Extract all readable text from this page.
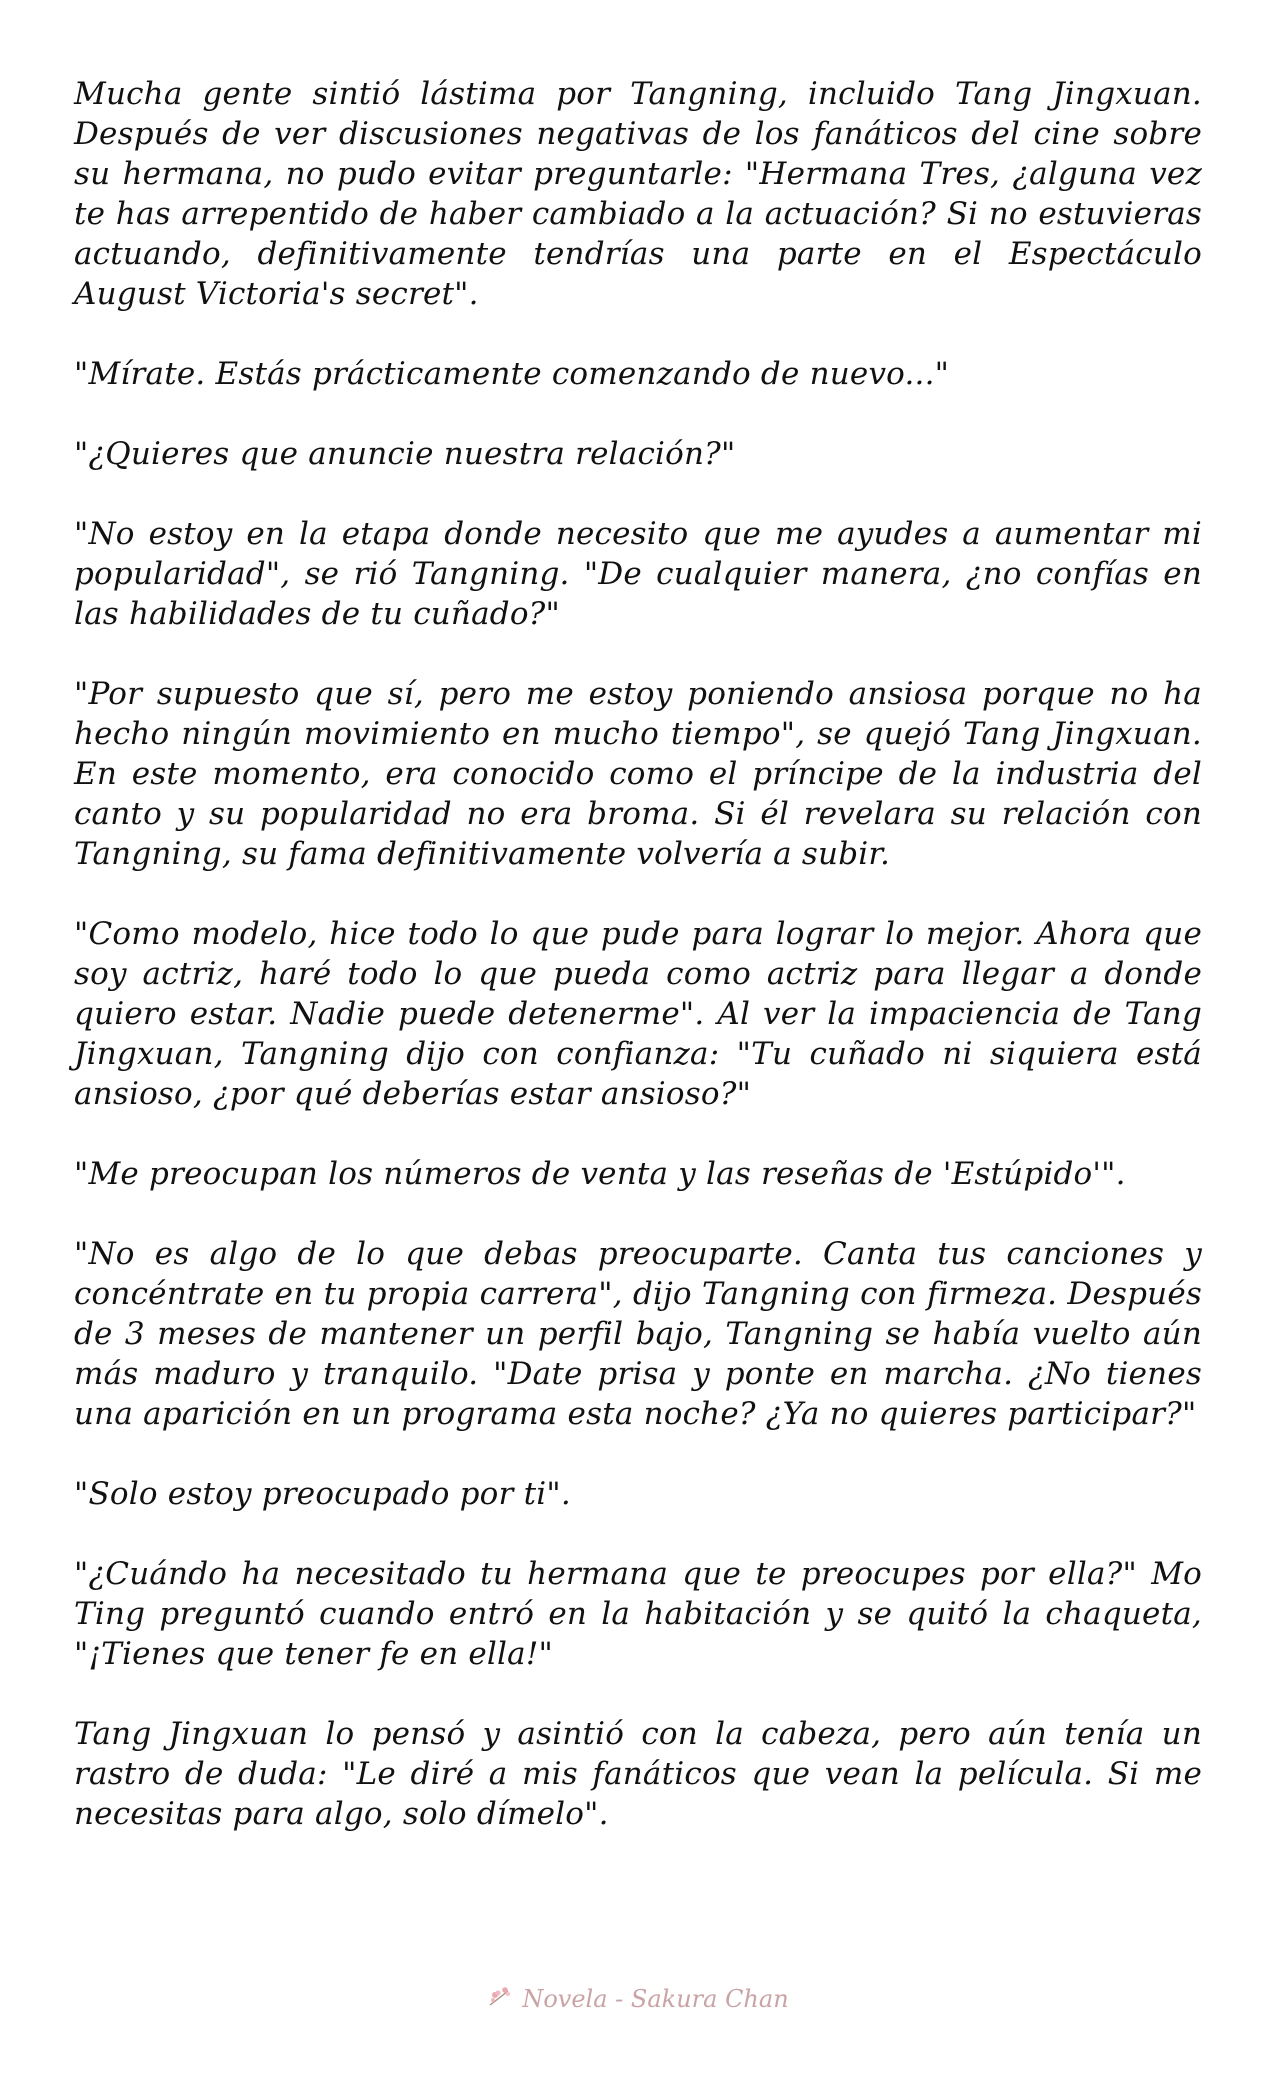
Mucha gente sintió lástima por Tangning, incluido Tang Jingxuan. Después de ver discusiones negativas de los fanáticos del cine sobre su hermana, no pudo evitar preguntarle: "Hermana Tres, ¿alguna vez te has arrepentido de haber cambiado a la actuación? Si no estuvieras actuando, definitivamente tendrías una parte en el Espectáculo August Victoria's secret".

"Mírate. Estás prácticamente comenzando de nuevo..."

"¿Quieres que anuncie nuestra relación?"

"No estoy en la etapa donde necesito que me ayudes a aumentar mi popularidad", se rió Tangning. "De cualquier manera, ¿no confías en las habilidades de tu cuñado?"

"Por supuesto que sí, pero me estoy poniendo ansiosa porque no ha hecho ningún movimiento en mucho tiempo", se quejó Tang Jingxuan. En este momento, era conocido como el príncipe de la industria del canto y su popularidad no era broma. Si él revelara su relación con Tangning, su fama definitivamente volvería a subir.

"Como modelo, hice todo lo que pude para lograr lo mejor. Ahora que soy actriz, haré todo lo que pueda como actriz para llegar a donde quiero estar. Nadie puede detenerme". Al ver la impaciencia de Tang Jingxuan, Tangning dijo con confianza: "Tu cuñado ni siquiera está ansioso, ¿por qué deberías estar ansioso?"

"Me preocupan los números de venta y las reseñas de 'Estúpido'".

"No es algo de lo que debas preocuparte. Canta tus canciones y concéntrate en tu propia carrera", dijo Tangning con firmeza. Después de 3 meses de mantener un perfil bajo, Tangning se había vuelto aún más maduro y tranquilo. "Date prisa y ponte en marcha. ¿No tienes una aparición en un programa esta noche? ¿Ya no quieres participar?"

"Solo estoy preocupado por ti".

"¿Cuándo ha necesitado tu hermana que te preocupes por ella?" Mo Ting preguntó cuando entró en la habitación y se quitó la chaqueta, "¡Tienes que tener fe en ella!"

Tang Jingxuan lo pensó y asintió con la cabeza, pero aún tenía un rastro de duda: "Le diré a mis fanáticos que vean la película. Si me necesitas para algo, solo dímelo".

Novela - Sakura Chan
